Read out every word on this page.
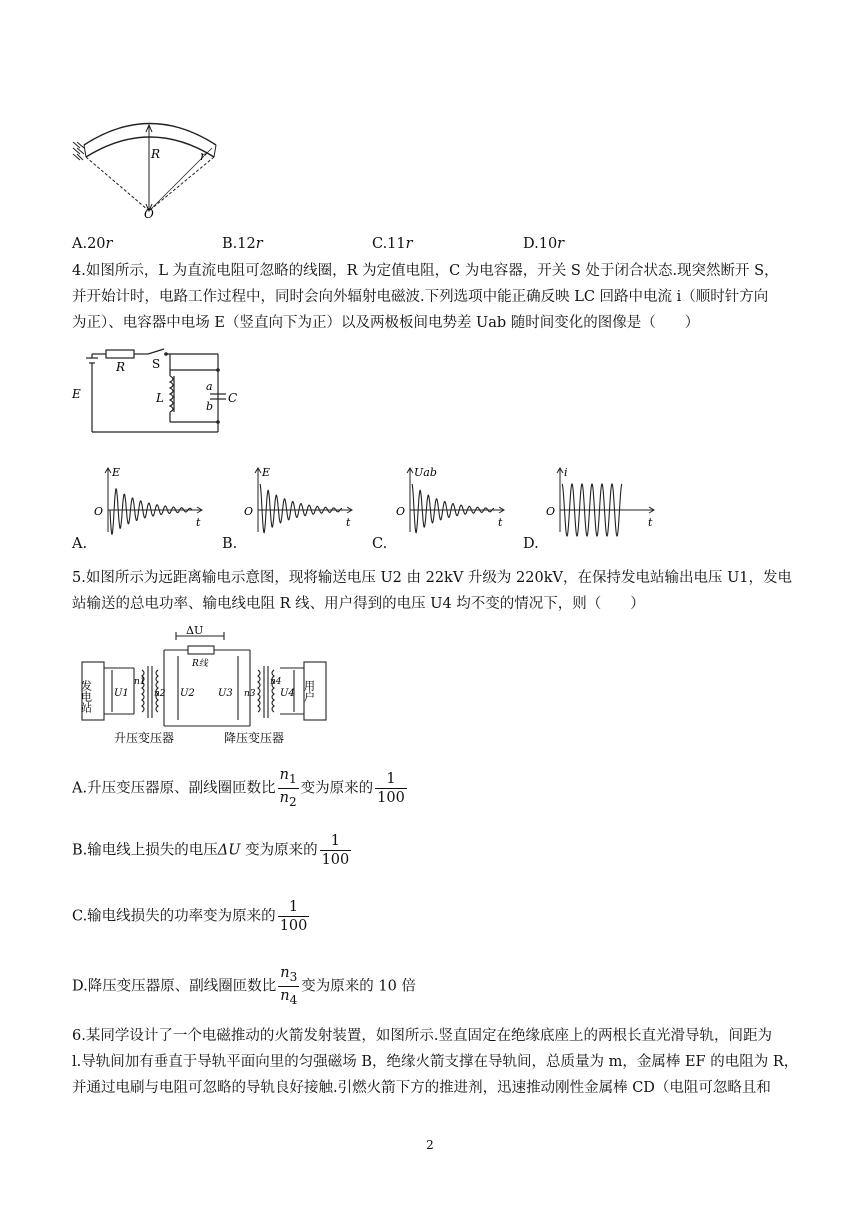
R	r
O
A.20r	B.12r	C.11r	D.10r
4.如图所示，L 为直流电阻可忽略的线圈，R 为定值电阻，C 为电容器，开关 S 处于闭合状态.现突然断开 S，
并开始计时，电路工作过程中，同时会向外辐射电磁波.下列选项中能正确反映 LC 回路中电流 i（顺时针方向
为正）、电容器中电场 E（竖直向下为正）以及两极板间电势差 Uab 随时间变化的图像是（　　）
E
R S
L	C
a
b
E
O
t
E
O
t
Uab
O
t
i
O
t
A.	B.	C.	D.
5.如图所示为远距离输电示意图，现将输送电压 U2 由 22kV 升级为 220kV，在保持发电站输出电压 U1，发电
站输送的总电功率、输电线电阻 R 线、用户得到的电压 U4 均不变的情况下，则（　　）
ΔU
R线
发电站	用户
U1
n1
n2 U2 U3 n3
n4
U4
升压变压器	降压变压器
A.升压变压器原、副线圈匝数比 $\frac{n_1}{n_2}$ 变为原来的 $\frac{1}{100}$
B.输电线上损失的电压ΔU 变为原来的 $\frac{1}{100}$
C.输电线损失的功率变为原来的 $\frac{1}{100}$
D.降压变压器原、副线圈匝数比 $\frac{n_3}{n_4}$ 变为原来的 10 倍
6.某同学设计了一个电磁推动的火箭发射装置，如图所示.竖直固定在绝缘底座上的两根长直光滑导轨，间距为
l.导轨间加有垂直于导轨平面向里的匀强磁场 B，绝缘火箭支撑在导轨间，总质量为 m，金属棒 EF 的电阻为 R，
并通过电刷与电阻可忽略的导轨良好接触.引燃火箭下方的推进剂，迅速推动刚性金属棒 CD（电阻可忽略且和
2
